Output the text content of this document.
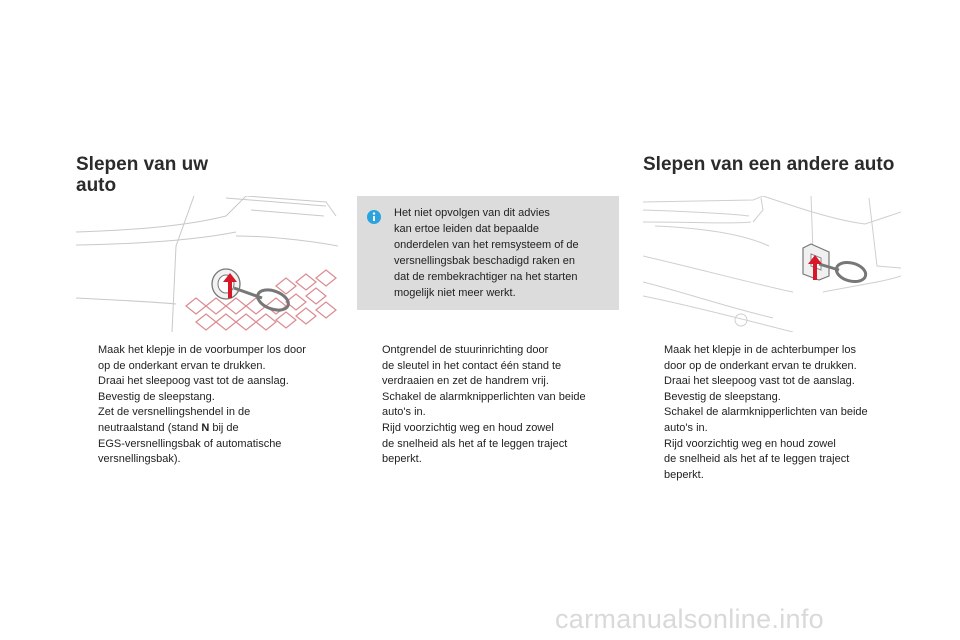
Slepen van uw
auto
Slepen van een andere auto
Het niet opvolgen van dit advies
kan ertoe leiden dat bepaalde
onderdelen van het remsysteem of de
versnellingsbak beschadigd raken en
dat de rembekrachtiger na het starten
mogelijk niet meer werkt.
Maak het klepje in de voorbumper los door
op de onderkant ervan te drukken.
Draai het sleepoog vast tot de aanslag.
Bevestig de sleepstang.
Zet de versnellingshendel in de
neutraalstand (stand N bij de
EGS-versnellingsbak of automatische
versnellingsbak).
Ontgrendel de stuurinrichting door
de sleutel in het contact één stand te
verdraaien en zet de handrem vrij.
Schakel de alarmknipperlichten van beide
auto's in.
Rijd voorzichtig weg en houd zowel
de snelheid als het af te leggen traject
beperkt.
Maak het klepje in de achterbumper los
door op de onderkant ervan te drukken.
Draai het sleepoog vast tot de aanslag.
Bevestig de sleepstang.
Schakel de alarmknipperlichten van beide
auto's in.
Rijd voorzichtig weg en houd zowel
de snelheid als het af te leggen traject
beperkt.
carmanualsonline.info
